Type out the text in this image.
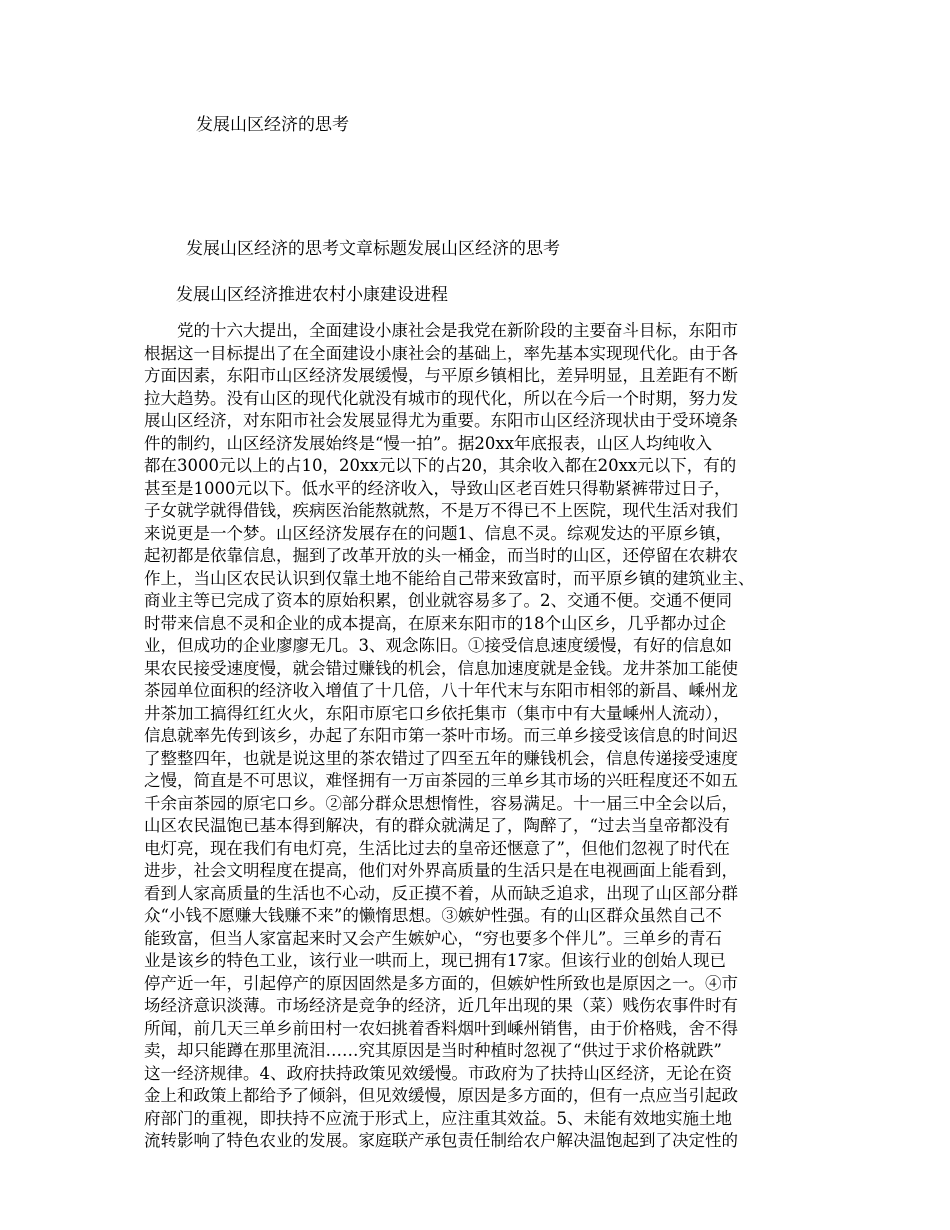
发展山区经济的思考
发展山区经济的思考文章标题发展山区经济的思考
发展山区经济推进农村小康建设进程
　　党的十六大提出，全面建设小康社会是我党在新阶段的主要奋斗目标，东阳市
根据这一目标提出了在全面建设小康社会的基础上，率先基本实现现代化。由于各
方面因素，东阳市山区经济发展缓慢，与平原乡镇相比，差异明显，且差距有不断
拉大趋势。没有山区的现代化就没有城市的现代化，所以在今后一个时期，努力发
展山区经济，对东阳市社会发展显得尤为重要。东阳市山区经济现状由于受环境条
件的制约，山区经济发展始终是“慢一拍”。据20xx年底报表，山区人均纯收入
都在3000元以上的占10，20xx元以下的占20，其余收入都在20xx元以下，有的
甚至是1000元以下。低水平的经济收入，导致山区老百姓只得勒紧裤带过日子，
子女就学就得借钱，疾病医治能熬就熬，不是万不得已不上医院，现代生活对我们
来说更是一个梦。山区经济发展存在的问题1、信息不灵。综观发达的平原乡镇，
起初都是依靠信息，掘到了改革开放的头一桶金，而当时的山区，还停留在农耕农
作上，当山区农民认识到仅靠土地不能给自己带来致富时，而平原乡镇的建筑业主、
商业主等已完成了资本的原始积累，创业就容易多了。2、交通不便。交通不便同
时带来信息不灵和企业的成本提高，在原来东阳市的18个山区乡，几乎都办过企
业，但成功的企业廖廖无几。3、观念陈旧。①接受信息速度缓慢，有好的信息如
果农民接受速度慢，就会错过赚钱的机会，信息加速度就是金钱。龙井茶加工能使
茶园单位面积的经济收入增值了十几倍，八十年代末与东阳市相邻的新昌、嵊州龙
井茶加工搞得红红火火，东阳市原宅口乡依托集市（集市中有大量嵊州人流动），
信息就率先传到该乡，办起了东阳市第一茶叶市场。而三单乡接受该信息的时间迟
了整整四年，也就是说这里的茶农错过了四至五年的赚钱机会，信息传递接受速度
之慢，简直是不可思议，难怪拥有一万亩茶园的三单乡其市场的兴旺程度还不如五
千余亩茶园的原宅口乡。②部分群众思想惰性，容易满足。十一届三中全会以后，
山区农民温饱已基本得到解决，有的群众就满足了，陶醉了，“过去当皇帝都没有
电灯亮，现在我们有电灯亮，生活比过去的皇帝还惬意了”，但他们忽视了时代在
进步，社会文明程度在提高，他们对外界高质量的生活只是在电视画面上能看到，
看到人家高质量的生活也不心动，反正摸不着，从而缺乏追求，出现了山区部分群
众“小钱不愿赚大钱赚不来”的懒惰思想。③嫉妒性强。有的山区群众虽然自己不
能致富，但当人家富起来时又会产生嫉妒心，“穷也要多个伴儿”。三单乡的青石
业是该乡的特色工业，该行业一哄而上，现已拥有17家。但该行业的创始人现已
停产近一年，引起停产的原因固然是多方面的，但嫉妒性所致也是原因之一。④市
场经济意识淡薄。市场经济是竞争的经济，近几年出现的果（菜）贱伤农事件时有
所闻，前几天三单乡前田村一农妇挑着香料烟叶到嵊州销售，由于价格贱，舍不得
卖，却只能蹲在那里流泪……究其原因是当时种植时忽视了“供过于求价格就跌”
这一经济规律。4、政府扶持政策见效缓慢。市政府为了扶持山区经济，无论在资
金上和政策上都给予了倾斜，但见效缓慢，原因是多方面的，但有一点应当引起政
府部门的重视，即扶持不应流于形式上，应注重其效益。5、未能有效地实施土地
流转影响了特色农业的发展。家庭联产承包责任制给农户解决温饱起到了决定性的
